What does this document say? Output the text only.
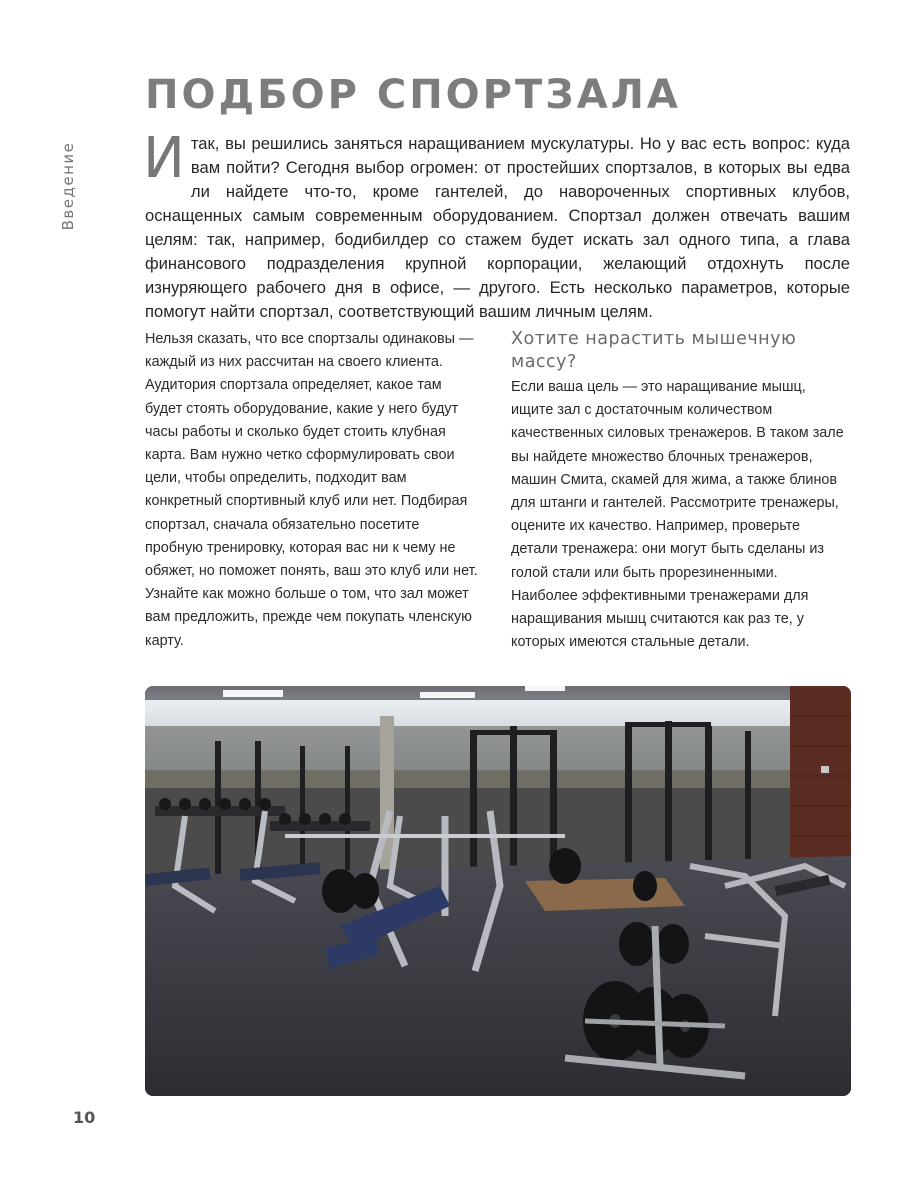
ПОДБОР СПОРТЗАЛА
Введение Итак, вы решились заняться наращиванием мускулатуры. Но у вас есть вопрос: куда вам пойти? Сегодня выбор огромен: от простейших спортзалов, в которых вы едва ли найдете что-то, кроме гантелей, до навороченных спортивных клубов, оснащенных самым современным оборудованием. Спортзал должен отвечать вашим целям: так, например, бодибилдер со стажем будет искать зал одного типа, а глава финансового подразделения крупной корпорации, желающий отдохнуть после изнуряющего рабочего дня в офисе, — другого. Есть несколько параметров, которые помогут найти спортзал, соответствующий вашим личным целям.

Нельзя сказать, что все спортзалы одинаковы — каждый из них рассчитан на своего клиента. Аудитория спортзала определяет, какое там будет стоять оборудование, какие у него будут часы работы и сколько будет стоить клубная карта. Вам нужно четко сформулировать свои цели, чтобы определить, подходит вам конкретный спортивный клуб или нет. Подбирая спортзал, сначала обязательно посетите пробную тренировку, которая вас ни к чему не обяжет, но поможет понять, ваш это клуб или нет. Узнайте как можно больше о том, что зал может вам предложить, прежде чем покупать членскую карту.

Хотите нарастить мышечную массу?

Если ваша цель — это наращивание мышц, ищите зал с достаточным количеством качественных силовых тренажеров. В таком зале вы найдете множество блочных тренажеров, машин Смита, скамей для жима, а также блинов для штанги и гантелей. Рассмотрите тренажеры, оцените их качество. Например, проверьте детали тренажера: они могут быть сделаны из голой стали или быть прорезиненными. Наиболее эффективными тренажерами для наращивания мышц считаются как раз те, у которых имеются стальные детали.

10
